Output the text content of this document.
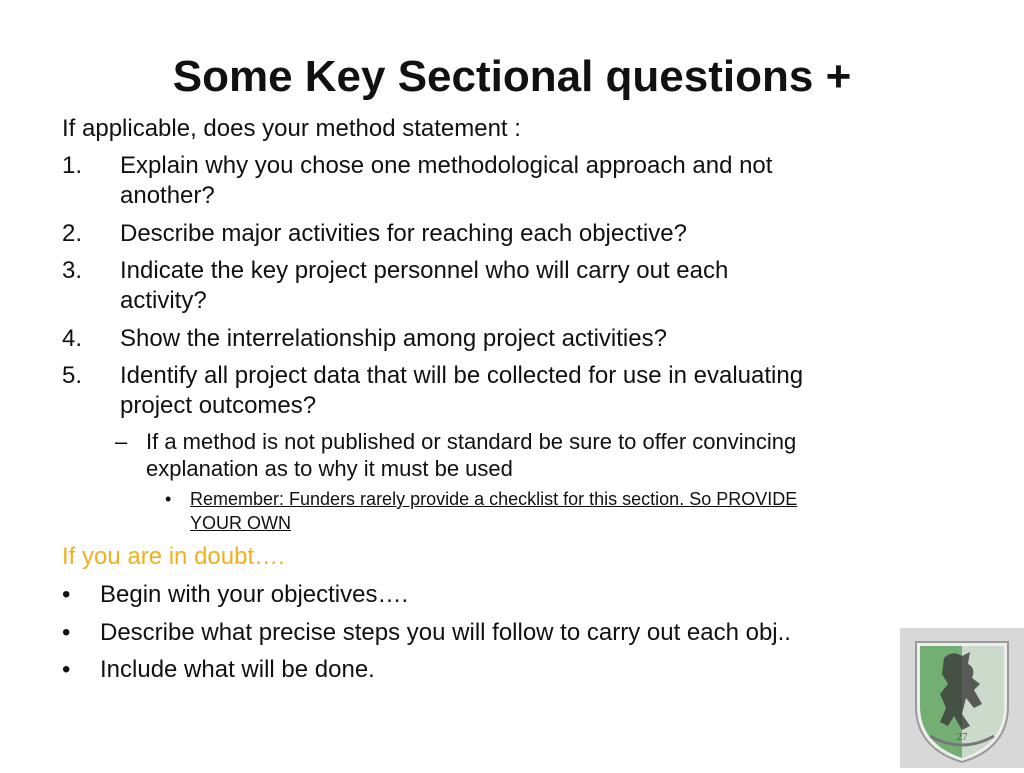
Some Key Sectional questions +
If applicable, does your method statement :
1. Explain why you chose one methodological approach and not
another?
2. Describe major activities for reaching each objective?
3. Indicate the key project personnel who will carry out each
activity?
4. Show the interrelationship among project activities?
5. Identify all project data that will be collected for use in evaluating
project outcomes?
– If a method is not published or standard be sure to offer convincing
explanation as to why it must be used
• Remember: Funders rarely provide a checklist for this section. So PROVIDE
YOUR OWN
If you are in doubt….
• Begin with your objectives….
• Describe what precise steps you will follow to carry out each obj..
• Include what will be done.
27
